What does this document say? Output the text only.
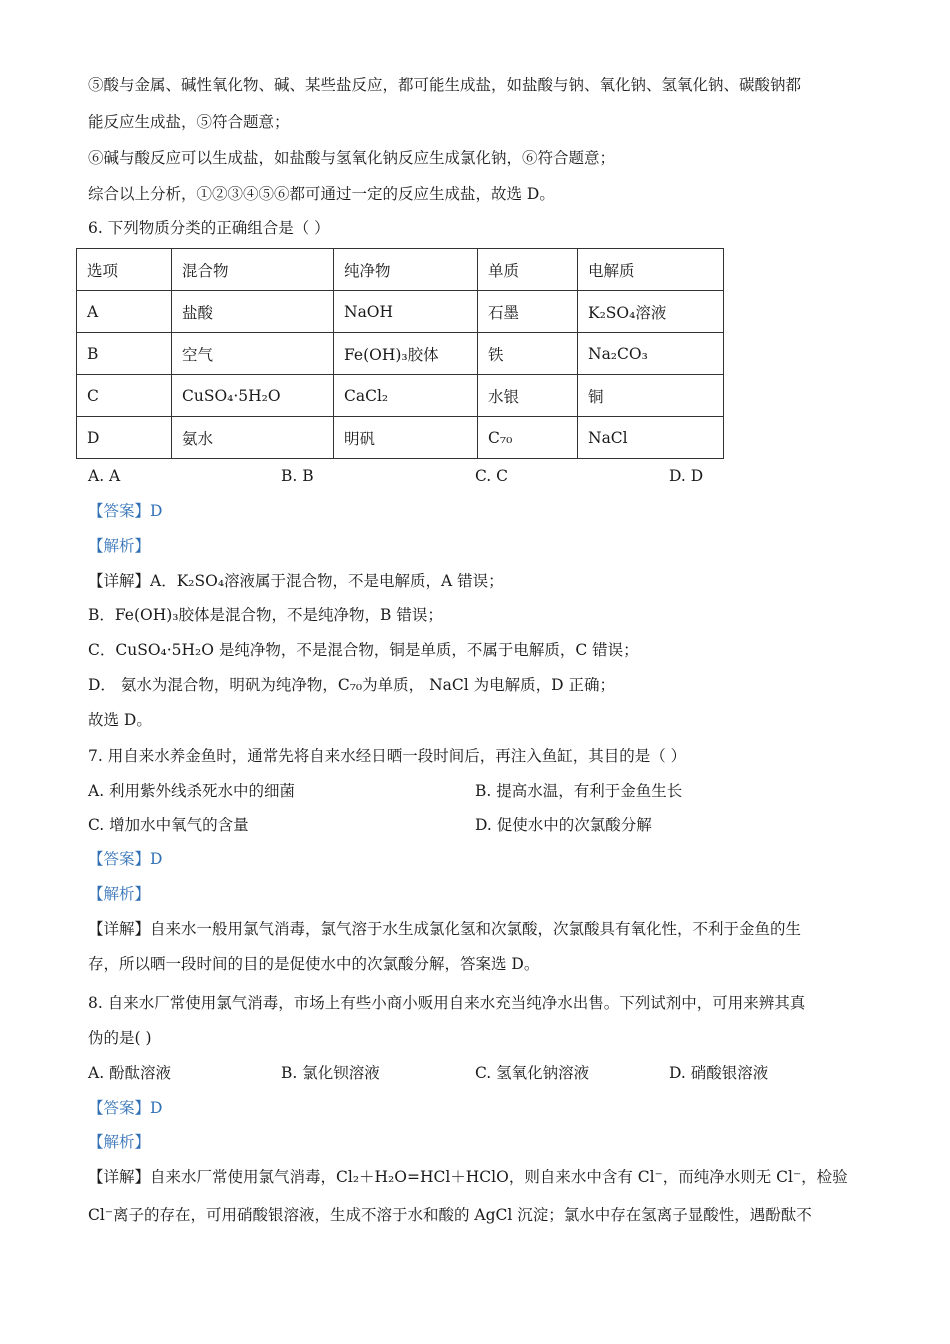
⑤酸与金属、碱性氧化物、碱、某些盐反应，都可能生成盐，如盐酸与钠、氧化钠、氢氧化钠、碳酸钠都
能反应生成盐，⑤符合题意；
⑥碱与酸反应可以生成盐，如盐酸与氢氧化钠反应生成氯化钠，⑥符合题意；
综合以上分析，①②③④⑤⑥都可通过一定的反应生成盐，故选 D。
6. 下列物质分类的正确组合是（ ）
选项	混合物	纯净物	单质	电解质
A	盐酸	NaOH	石墨	K₂SO₄溶液
B	空气	Fe(OH)₃胶体	铁	Na₂CO₃
C	CuSO₄·5H₂O	CaCl₂	水银	铜
D	氨水	明矾	C₇₀	NaCl
A. A	B. B	C. C	D. D
【答案】D
【解析】
【详解】A．K₂SO₄溶液属于混合物，不是电解质，A 错误；
B．Fe(OH)₃胶体是混合物，不是纯净物，B 错误；
C．CuSO₄·5H₂O 是纯净物，不是混合物，铜是单质，不属于电解质，C 错误；
D． 氨水为混合物，明矾为纯净物，C₇₀为单质， NaCl 为电解质，D 正确；
故选 D。
7. 用自来水养金鱼时，通常先将自来水经日晒一段时间后，再注入鱼缸，其目的是（ ）
A. 利用紫外线杀死水中的细菌	B. 提高水温，有利于金鱼生长
C. 增加水中氧气的含量	D. 促使水中的次氯酸分解
【答案】D
【解析】
【详解】自来水一般用氯气消毒，氯气溶于水生成氯化氢和次氯酸，次氯酸具有氧化性，不利于金鱼的生
存，所以晒一段时间的目的是促使水中的次氯酸分解，答案选 D。
8. 自来水厂常使用氯气消毒，市场上有些小商小贩用自来水充当纯净水出售。下列试剂中，可用来辨其真
伪的是( )
A. 酚酞溶液	B. 氯化钡溶液	C. 氢氧化钠溶液	D. 硝酸银溶液
【答案】D
【解析】
【详解】自来水厂常使用氯气消毒，Cl₂＋H₂O=HCl＋HClO，则自来水中含有 Cl⁻，而纯净水则无 Cl⁻，检验
Cl⁻离子的存在，可用硝酸银溶液，生成不溶于水和酸的 AgCl 沉淀；氯水中存在氢离子显酸性，遇酚酞不
